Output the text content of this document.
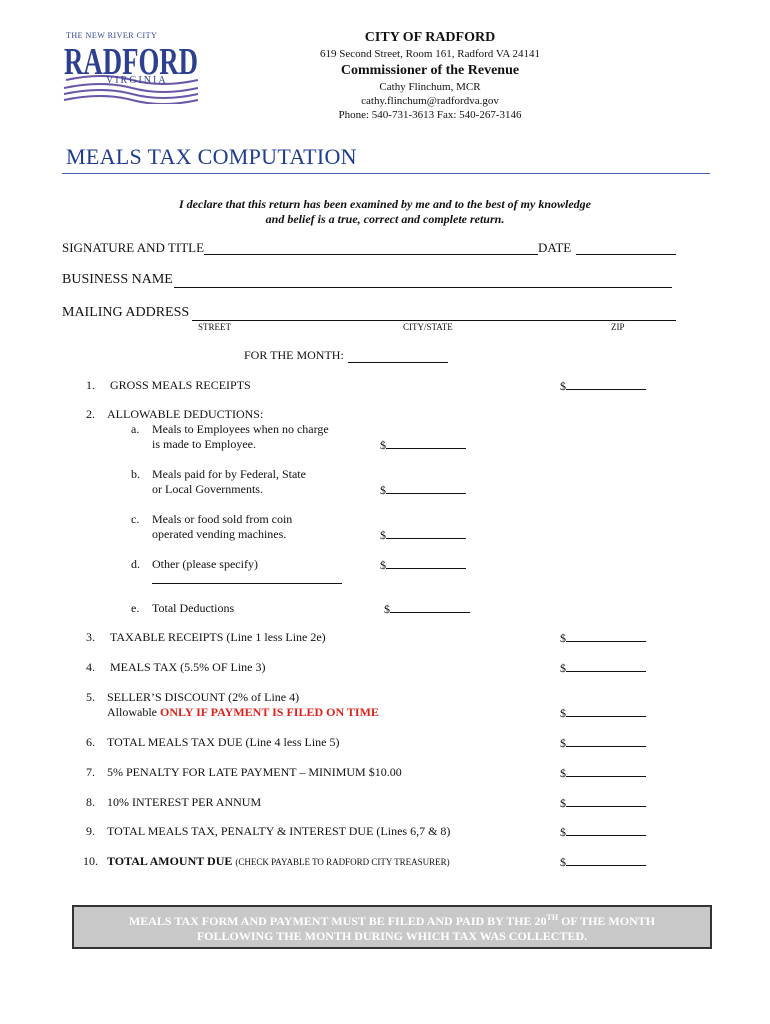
THE NEW RIVER CITY
RADFORD
VIRGINIA
CITY OF RADFORD
619 Second Street, Room 161, Radford VA 24141
Commissioner of the Revenue
Cathy Flinchum, MCR
cathy.flinchum@radfordva.gov
Phone: 540-731-3613 Fax: 540-267-3146
MEALS TAX COMPUTATION
I declare that this return has been examined by me and to the best of my knowledge
and belief is a true, correct and complete return.
SIGNATURE AND TITLE	DATE
BUSINESS NAME
MAILING ADDRESS
STREET	CITY/STATE	ZIP
FOR THE MONTH:
1. GROSS MEALS RECEIPTS	$
2. ALLOWABLE DEDUCTIONS:
a. Meals to Employees when no charge
is made to Employee.	$
b. Meals paid for by Federal, State
or Local Governments.	$
c. Meals or food sold from coin
operated vending machines.	$
d. Other (please specify)	$
e. Total Deductions	$
3. TAXABLE RECEIPTS (Line 1 less Line 2e)	$
4. MEALS TAX (5.5% OF Line 3)	$
5. SELLER’S DISCOUNT (2% of Line 4)
Allowable ONLY IF PAYMENT IS FILED ON TIME	$
6. TOTAL MEALS TAX DUE (Line 4 less Line 5)	$
7. 5% PENALTY FOR LATE PAYMENT – MINIMUM $10.00	$
8. 10% INTEREST PER ANNUM	$
9. TOTAL MEALS TAX, PENALTY & INTEREST DUE (Lines 6,7 & 8)	$
10. TOTAL AMOUNT DUE (CHECK PAYABLE TO RADFORD CITY TREASURER)	$
MEALS TAX FORM AND PAYMENT MUST BE FILED AND PAID BY THE 20TH OF THE MONTH
FOLLOWING THE MONTH DURING WHICH TAX WAS COLLECTED.
